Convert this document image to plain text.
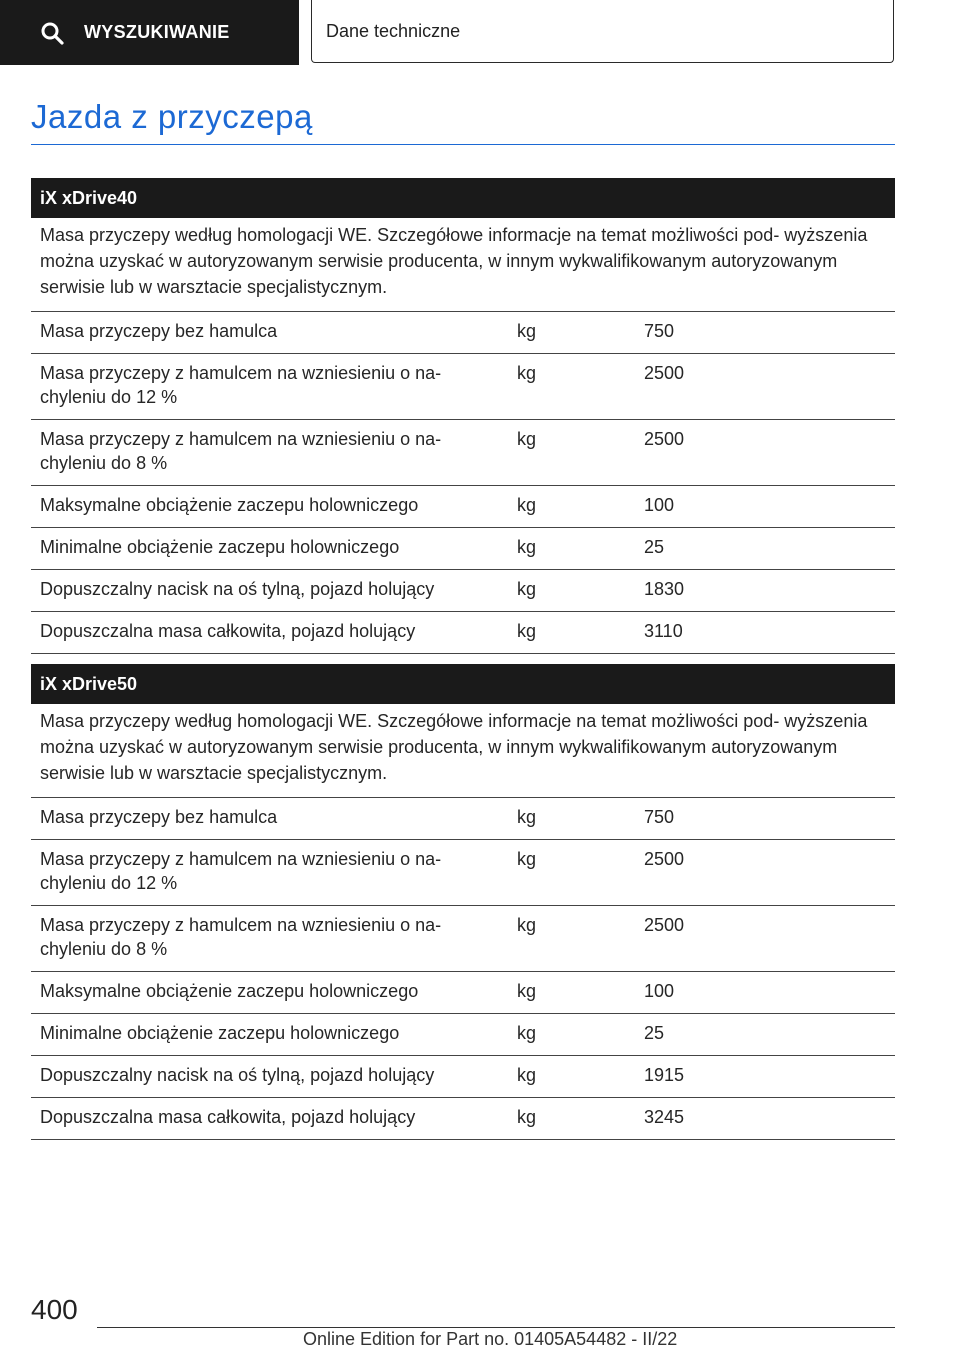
WYSZUKIWANIE	Dane techniczne
Jazda z przyczepą
iX xDrive40
Masa przyczepy według homologacji WE. Szczegółowe informacje na temat możliwości pod- wyższenia można uzyskać w autoryzowanym serwisie producenta, w innym wykwalifikowanym autoryzowanym serwisie lub w warsztacie specjalistycznym.
Masa przyczepy bez hamulca	kg	750
Masa przyczepy z hamulcem na wzniesieniu o na-
chyleniu do 12 %	kg	2500
Masa przyczepy z hamulcem na wzniesieniu o na-
chyleniu do 8 %	kg	2500
Maksymalne obciążenie zaczepu holowniczego	kg	100
Minimalne obciążenie zaczepu holowniczego	kg	25
Dopuszczalny nacisk na oś tylną, pojazd holujący	kg	1830
Dopuszczalna masa całkowita, pojazd holujący	kg	3110
iX xDrive50
Masa przyczepy według homologacji WE. Szczegółowe informacje na temat możliwości pod- wyższenia można uzyskać w autoryzowanym serwisie producenta, w innym wykwalifikowanym autoryzowanym serwisie lub w warsztacie specjalistycznym.
Masa przyczepy bez hamulca	kg	750
Masa przyczepy z hamulcem na wzniesieniu o na-
chyleniu do 12 %	kg	2500
Masa przyczepy z hamulcem na wzniesieniu o na-
chyleniu do 8 %	kg	2500
Maksymalne obciążenie zaczepu holowniczego	kg	100
Minimalne obciążenie zaczepu holowniczego	kg	25
Dopuszczalny nacisk na oś tylną, pojazd holujący	kg	1915
Dopuszczalna masa całkowita, pojazd holujący	kg	3245
400
Online Edition for Part no. 01405A54482 - II/22
